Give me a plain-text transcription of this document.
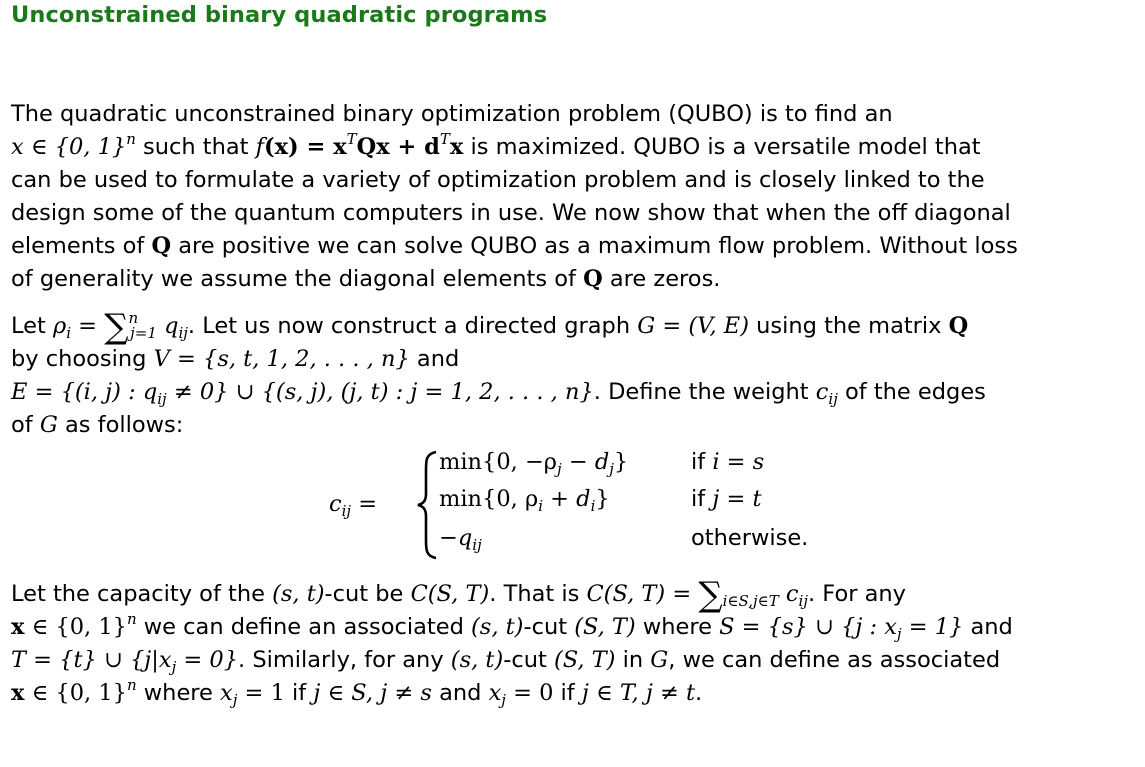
Unconstrained binary quadratic programs
The quadratic unconstrained binary optimization problem (QUBO) is to find an
x ∈ {0, 1}$^n$ such that $f(x) = x^TQx + d^Tx$ is maximized. QUBO is a versatile model that
can be used to formulate a variety of optimization problem and is closely linked to the
design some of the quantum computers in use. We now show that when the off diagonal
elements of Q are positive we can solve QUBO as a maximum flow problem. Without loss
of generality we assume the diagonal elements of Q are zeros.
Let $\rho_i = \sum^n_{j=1}$ $q_{ij}$. Let us now construct a directed graph G = (V, E) using the matrix Q
by choosing V = {s, t, 1, 2, . . . , n} and
E = {(i, j) : $q_{ij} \ne 0$} ∪ {(s, j), (j, t) : j = 1, 2, . . . , n}. Define the weight $c_{ij}$ of the edges
of G as follows:
$c_{ij}$ =
min{0, $-\rho_j - d_j$}
min{0, $\rho_i + d_i$}
$-q_{ij}$
if i = s
if j = t
otherwise.
Let the capacity of the (s, t)-cut be C(S, T). That is C(S, $T) = \sum_{i\in S,j\in T}$ $c_{ij}$. For any
x ∈ {0, 1}$^n$ we can define an associated (s, t)-cut (S, T) where S = {s} ∪ {j : $x_j = 1$} and
T = {t} ∪ $\{j|x_j = 0\}$. Similarly, for any (s, t)-cut (S, T) in G, we can define as associated
x ∈ {0, 1}$^n$ where $x_j = 1$ if j ∈ S, j ≠ s and $x_j = 0$ if j ∈ T, j ≠ t.
